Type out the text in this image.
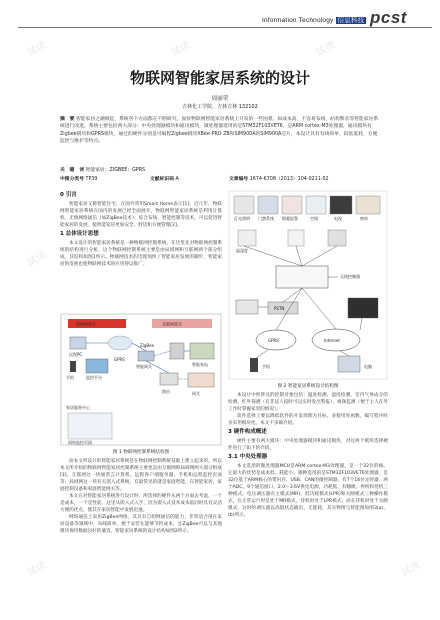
试读	试读	试读
试读
试读	试读
Information Technology 信息科技 pcst
物联网智能家居系统的设计
周丽荣
吉林化工学院，吉林吉林 132102
摘　要 智能家居之潮掀起，系统各个方面都在不断研究，加快物联网智能家居系统上开发的一些困难，如成本高，不容易布线，结构繁杂等智能家居系统进行改进。系统主要包括两大部分：中央处理器模块和通讯模块，微处理器选用的是STM32F103VET6，是ARM cortex-M3处理器，通讯模块有Zigbee模块和GPRS模块，通过的硬件分别是可编程Zigbee模块XBee-PRO ZB和SIM900A的SIM900A芯片，本设计具有有线简单、较低低耗、方便监控与维护等特点。
关　键　词 智能家居；ZIGBEE；GPRS
中图分类号 TP39	文献标识码 A	文章编号 1674-6708（2013）104-0211-02
0 引言

智能家居又称智能住宅，在国外常用Smart Home表示[1]。近几年，物联网智能家居系统在国内的发展已经全面展开，物联网智能家居系统是利用计算机、无线网络通信（如ZigBee技术）、综合布线、智能控制等技术，可以促进智能家居的发展，使智能家居更加安全、舒适和方便管理[2]。

1 总体设计思想

本文设计的智能家居系统是一种物联网控制系统，在这里先对物联网控制系统的结构进行分析，这个物联网控制系统主要是由局域网和互联网两个部分组成，其结构如图1所示。物联网技术的出现加快了智能家居发展的脚步，智能家居的发展也使物联网技术的应用得以推广。

局域网部分	互联网部分
远程PC
手机	监控平台
GPRS
ZigBee
智能网关	智能家电
家居服务中心
路由	网关
网络监控页面
图 1 物联网控制系统结构图

而本文所设计的智能家居系统是在物联网控制系统基础上建立起来的，所以本文所介绍的物联网智能家居控制系统主要也是由互联网和局域网两大部分组成[3]。互联网这一快通常言计算机、远程客户端服务器、手机和远程监控页面等；局域网这一块有关嵌入式系统，有最常见的就是家庭智能，在智能家居、家庭控制设备和家庭智能网关等。

本文在对智能家居系统进行设计时，所选择的硬件从两个方面去考虑，一个是成本，一个是性能。这里从嵌入式入手，因为嵌入式技术成本低同时具有灵活方便的优点，使其在家居智能中发展迅速。

网络通信上采用ZigBee网络，其具有自组网通信的能力，非常适合用在家居设备等领域中，布线简单，便于安装在能够节约成本，且ZigBee可以与其他模块保持数据良好的兼容，智能家居系统的设计结构如图2所示。

灯光照明 门禁系统 烟雾报警	空调	电视	窗帘
温湿度
无线控制器
PSTN
GPRS	Internet
手机	电脑
图 2 智能家居系统设计结构图

本设计中所涉及的控制对象包括：温度检测、湿度检测、室内气体成分的检测、红外探测（有非法人侵时可以实时发出警报）、视频监测（便于主人在外工作时掌握家里的情况）。

软件选择上要以降低软件的开发周期为目标，多使用库函数，编写程序时多采用模块化，本文不多做介绍。

3 硬件构成概述

硬件主要有两大模块：中央处理器模块和通讯模块，对这两个模块选择硬件进行了如下的介绍。

3.1 中央处理器

本文选用的微处理器MCU是ARM cortex-M3处理器，是一个32位的核，它最大的优势是成本低，耗能小。微种选用的是STM32F103VET6处理器，是32位基于ARM核心的带闪存、USB、CAN的微控制器，有7个16位定时器，两个ADC，9个通信接口，2.0～3.6V供电电源，功耗低，有睡眠、停机和待机三种模式。电压调压器有主模式(MR)、低功耗模式(LPR)和关断模式三种操作模式，在正常运行时是处于MR模式，待机时处于LPR模式；而在待机时处于关断模式，这时的调压器以高阻状态输出，无能耗，其实物图与智能图如图3(a)，(b)所示。
